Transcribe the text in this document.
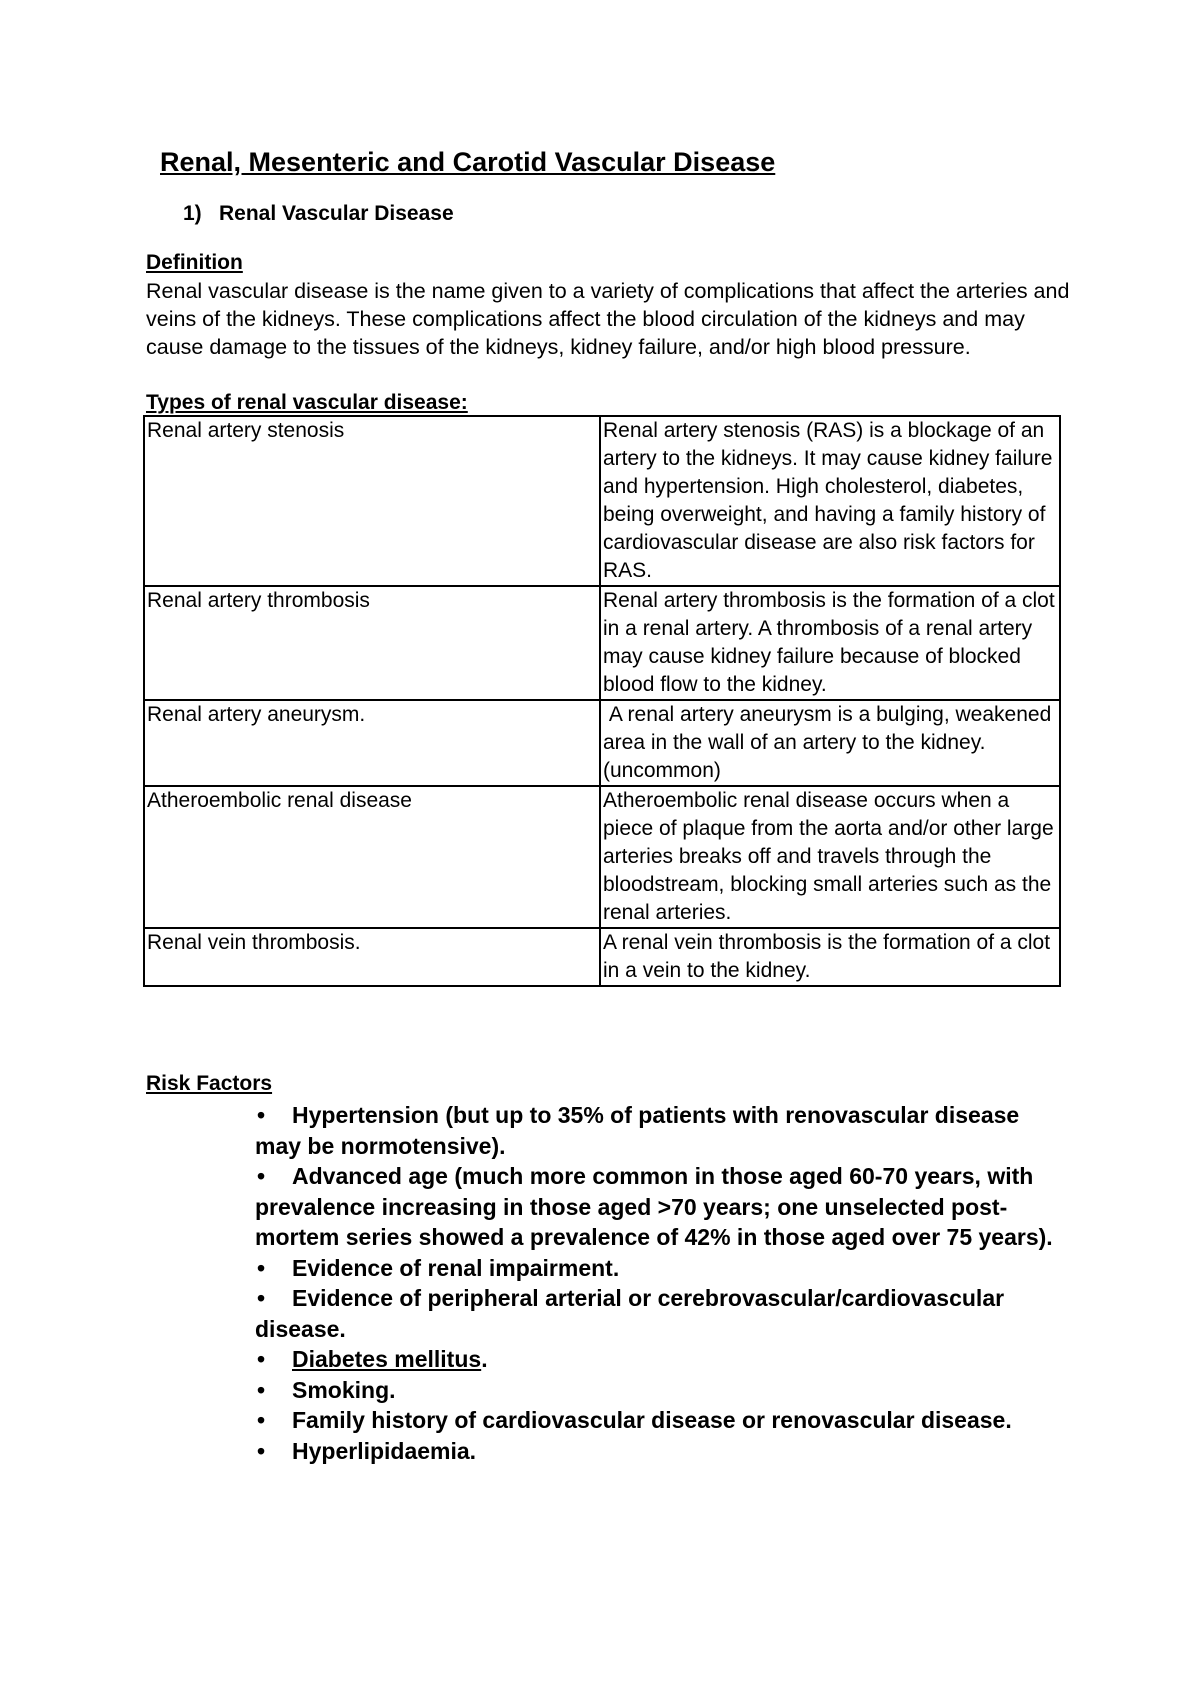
Renal, Mesenteric and Carotid Vascular Disease
1) Renal Vascular Disease

Definition

Renal vascular disease is the name given to a variety of complications that affect the arteries and veins of the kidneys. These complications affect the blood circulation of the kidneys and may cause damage to the tissues of the kidneys, kidney failure, and/or high blood pressure.

Types of renal vascular disease:

Renal artery stenosis	Renal artery stenosis (RAS) is a blockage of an artery to the kidneys. It may cause kidney failure and hypertension. High cholesterol, diabetes, being overweight, and having a family history of cardiovascular disease are also risk factors for RAS.
Renal artery thrombosis	Renal artery thrombosis is the formation of a clot in a renal artery. A thrombosis of a renal artery may cause kidney failure because of blocked blood flow to the kidney.
Renal artery aneurysm.	A renal artery aneurysm is a bulging, weakened area in the wall of an artery to the kidney. (uncommon)
Atheroembolic renal disease	Atheroembolic renal disease occurs when a piece of plaque from the aorta and/or other large arteries breaks off and travels through the bloodstream, blocking small arteries such as the renal arteries.
Renal vein thrombosis.	A renal vein thrombosis is the formation of a clot in a vein to the kidney.

Risk Factors

• Hypertension (but up to 35% of patients with renovascular disease may be normotensive).
• Advanced age (much more common in those aged 60-70 years, with prevalence increasing in those aged >70 years; one unselected post-mortem series showed a prevalence of 42% in those aged over 75 years).
• Evidence of renal impairment.
• Evidence of peripheral arterial or cerebrovascular/cardiovascular disease.
• Diabetes mellitus.
• Smoking.
• Family history of cardiovascular disease or renovascular disease.
• Hyperlipidaemia.
